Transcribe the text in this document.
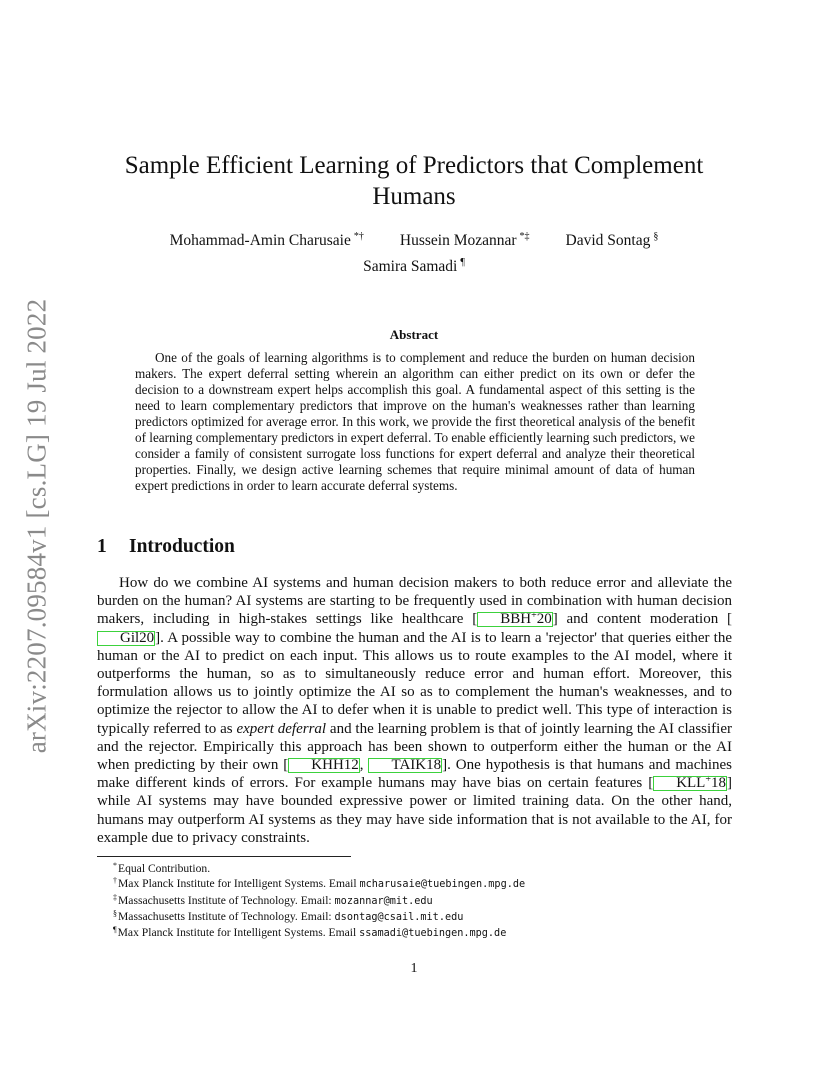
arXiv:2207.09584v1 [cs.LG] 19 Jul 2022
Sample Efficient Learning of Predictors that Complement Humans
Mohammad-Amin Charusaie *† Hussein Mozannar *‡ David Sontag §
Samira Samadi ¶
Abstract

One of the goals of learning algorithms is to complement and reduce the burden on human decision makers. The expert deferral setting wherein an algorithm can either predict on its own or defer the decision to a downstream expert helps accomplish this goal. A fundamental aspect of this setting is the need to learn complementary predictors that improve on the human's weaknesses rather than learning predictors optimized for average error. In this work, we provide the first theoretical analysis of the benefit of learning complementary predictors in expert deferral. To enable efficiently learning such predictors, we consider a family of consistent surrogate loss functions for expert deferral and analyze their theoretical properties. Finally, we design active learning schemes that require minimal amount of data of human expert predictions in order to learn accurate deferral systems.

1 Introduction

How do we combine AI systems and human decision makers to both reduce error and alleviate the burden on the human? AI systems are starting to be frequently used in combination with human decision makers, including in high-stakes settings like healthcare [ BBH+20] and content moderation [Gil20]. A possible way to combine the human and the AI is to learn a 'rejector' that queries either the human or the AI to predict on each input. This allows us to route examples to the AI model, where it outperforms the human, so as to simultaneously reduce error and human effort. Moreover, this formulation allows us to jointly optimize the AI so as to complement the human's weaknesses, and to optimize the rejector to allow the AI to defer when it is unable to predict well. This type of interaction is typically referred to as expert deferral and the learning problem is that of jointly learning the AI classifier and the rejector. Empirically this approach has been shown to outperform either the human or the AI when predicting by their own [ KHH12, TAIK18]. One hypothesis is that humans and machines make different kinds of errors. For example humans may have bias on certain features [ KLL+18] while AI systems may have bounded expressive power or limited training data. On the other hand, humans may outperform AI systems as they may have side information that is not available to the AI, for example due to privacy constraints.

*Equal Contribution.
†Max Planck Institute for Intelligent Systems. Email mcharusaie@tuebingen.mpg.de
‡Massachusetts Institute of Technology. Email: mozannar@mit.edu
§Massachusetts Institute of Technology. Email: dsontag@csail.mit.edu
¶Max Planck Institute for Intelligent Systems. Email ssamadi@tuebingen.mpg.de
1
